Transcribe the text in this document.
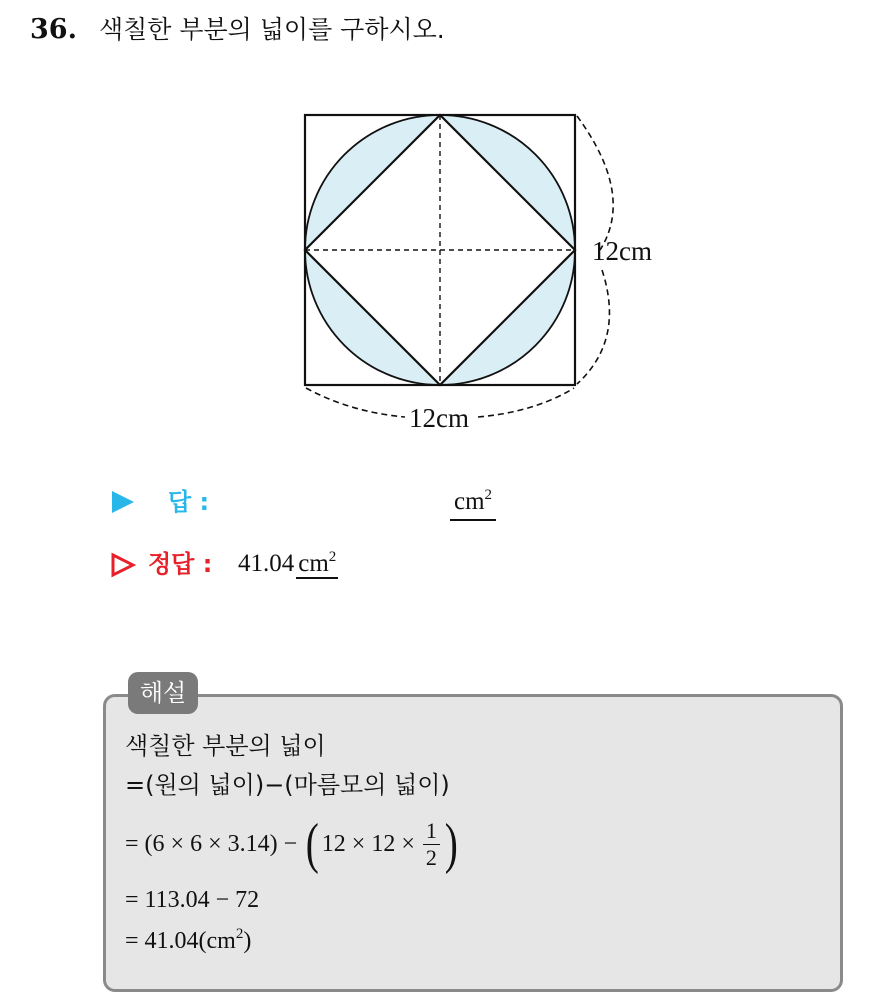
36. 색칠한 부분의 넓이를 구하시오.
12cm
12cm
답 :	$cm^2$
정답 : 41.04 $cm^2$
해설
색칠한 부분의 넓이
=(원의 넓이)−(마름모의 넓이)
= (6 × 6 × 3.14) − ( $12 \times 12 \times \frac{1}{2}$ )
= 113.04 − 72
= $41.04(cm^2)$
